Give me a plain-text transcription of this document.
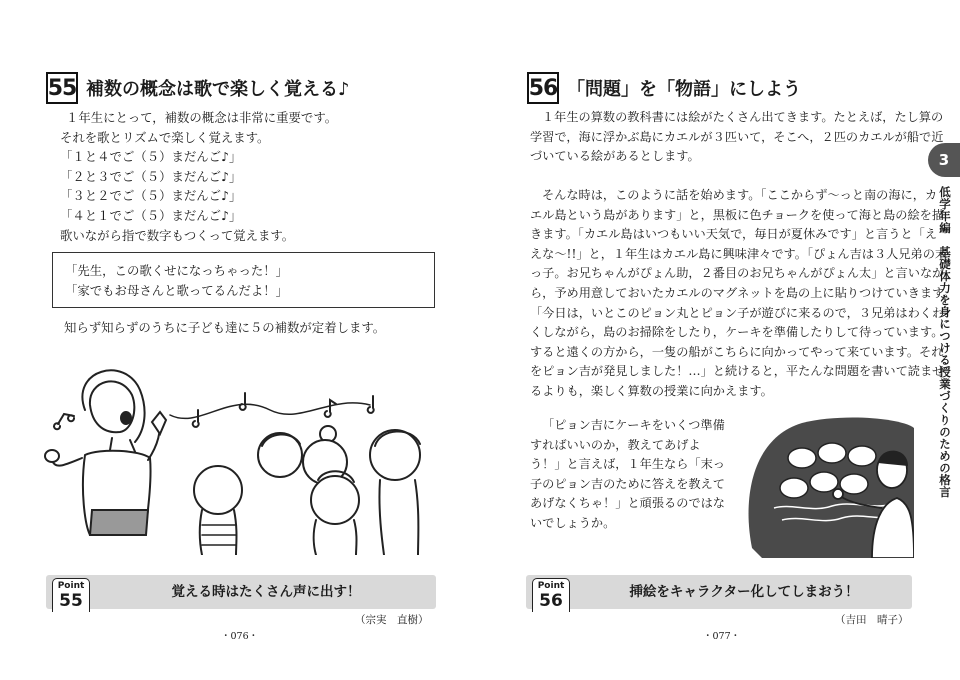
55 補数の概念は歌で楽しく覚える♪
１年生にとって，補数の概念は非常に重要です。
それを歌とリズムで楽しく覚えます。
「１と４でご（５）まだんご♪」
「２と３でご（５）まだんご♪」
「３と２でご（５）まだんご♪」
「４と１でご（５）まだんご♪」
歌いながら指で数字もつくって覚えます。
「先生，この歌くせになっちゃった！」
「家でもお母さんと歌ってるんだよ！」
知らず知らずのうちに子ども達に５の補数が定着します。
Point
55	覚える時はたくさん声に出す！
（宗実　直樹）
・076・
56 「問題」を「物語」にしよう
１年生の算数の教科書には絵がたくさん出てきます。たとえば，たし算の
学習で，海に浮かぶ島にカエルが３匹いて，そこへ，２匹のカエルが船で近
づいている絵があるとします。
そんな時は，このように話を始めます。「ここからず～っと南の海に，カ
エル島という島があります」と，黒板に色チョークを使って海と島の絵を描
きます。「カエル島はいつもいい天気で，毎日が夏休みです」と言うと「え
えな～!!」と，１年生はカエル島に興味津々です。「ぴょん吉は３人兄弟の末
っ子。お兄ちゃんがぴょん助，２番目のお兄ちゃんがぴょん太」と言いなが
ら，予め用意しておいたカエルのマグネットを島の上に貼りつけていきます。
「今日は，いとこのピョン丸とピョン子が遊びに来るので，３兄弟はわくわ
くしながら，島のお掃除をしたり，ケーキを準備したりして待っています。
すると遠くの方から，一隻の船がこちらに向かってやって来ています。それ
をピョン吉が発見しました！…」と続けると，平たんな問題を書いて読ませ
るよりも，楽しく算数の授業に向かえます。
「ピョン吉にケーキをいくつ準備
すればいいのか，教えてあげよ
う！」と言えば，１年生なら「末っ
子のピョン吉のために答えを教えて
あげなくちゃ！」と頑張るのではな
いでしょうか。
Point
56	挿絵をキャラクター化してしまおう！
（吉田　晴子）
・077・
3
低学年編　基礎体力を身につける授業づくりのための格言
